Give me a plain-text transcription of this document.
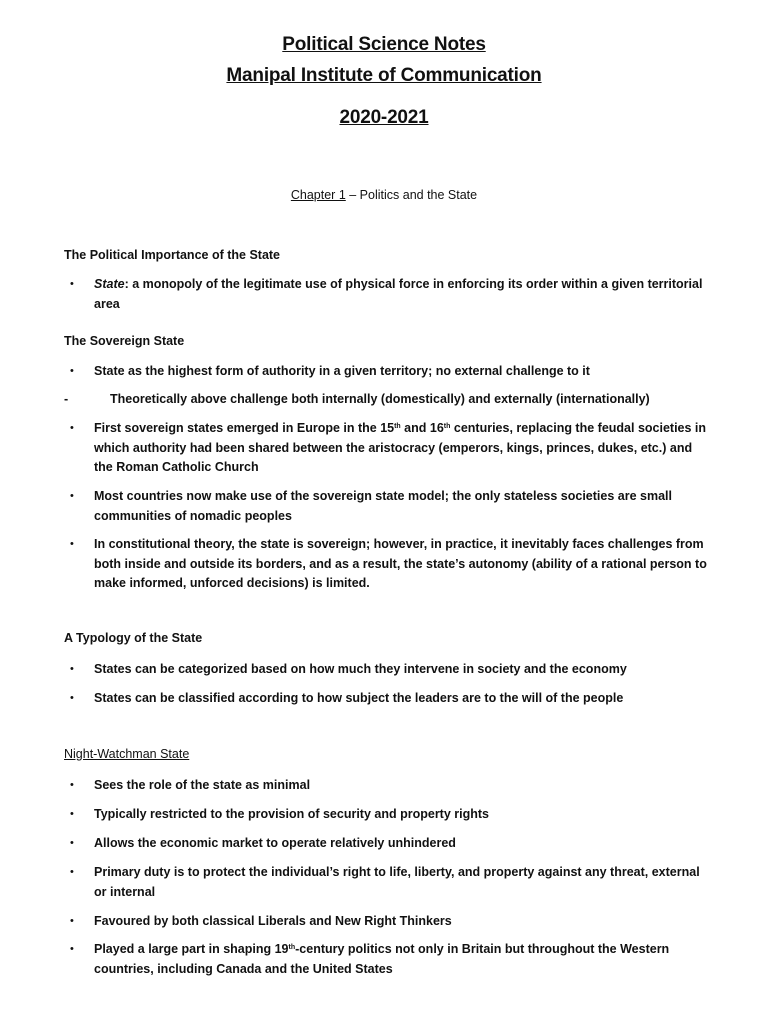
Political Science Notes
Manipal Institute of Communication
2020-2021
Chapter 1 – Politics and the State
The Political Importance of the State
•	State: a monopoly of the legitimate use of physical force in enforcing its order within a given territorial area
The Sovereign State
•	State as the highest form of authority in a given territory; no external challenge to it
-	Theoretically above challenge both internally (domestically) and externally (internationally)
•	First sovereign states emerged in Europe in the 15th and 16th centuries, replacing the feudal societies in which authority had been shared between the aristocracy (emperors, kings, princes, dukes, etc.) and the Roman Catholic Church
•	Most countries now make use of the sovereign state model; the only stateless societies are small communities of nomadic peoples
•	In constitutional theory, the state is sovereign; however, in practice, it inevitably faces challenges from both inside and outside its borders, and as a result, the state’s autonomy (ability of a rational person to make informed, unforced decisions) is limited.
A Typology of the State
•	States can be categorized based on how much they intervene in society and the economy
•	States can be classified according to how subject the leaders are to the will of the people
Night-Watchman State
•	Sees the role of the state as minimal
•	Typically restricted to the provision of security and property rights
•	Allows the economic market to operate relatively unhindered
•	Primary duty is to protect the individual’s right to life, liberty, and property against any threat, external or internal
•	Favoured by both classical Liberals and New Right Thinkers
•	Played a large part in shaping 19th-century politics not only in Britain but throughout the Western countries, including Canada and the United States
